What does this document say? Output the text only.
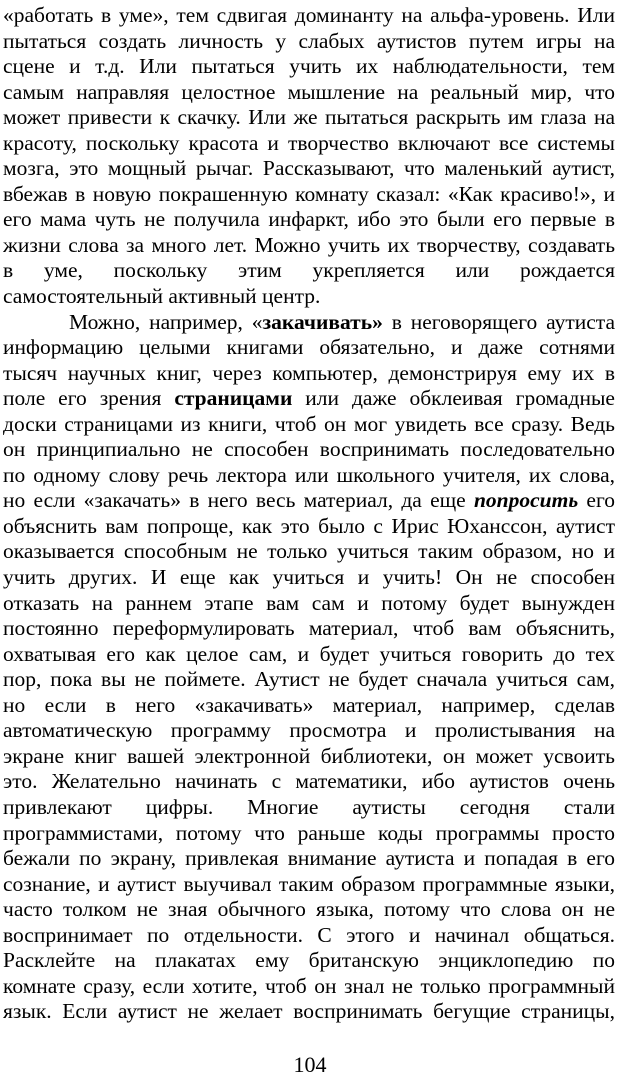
«работать в уме», тем сдвигая доминанту на альфа-уровень. Или
пытаться создать личность у слабых аутистов путем игры на
сцене и т.д. Или пытаться учить их наблюдательности, тем
самым направляя целостное мышление на реальный мир, что
может привести к скачку. Или же пытаться раскрыть им глаза на
красоту, поскольку красота и творчество включают все системы
мозга, это мощный рычаг. Рассказывают, что маленький аутист,
вбежав в новую покрашенную комнату сказал: «Как красиво!», и
его мама чуть не получила инфаркт, ибо это были его первые в
жизни слова за много лет. Можно учить их творчеству, создавать
в уме, поскольку этим укрепляется или рождается
самостоятельный активный центр.
Можно, например, «закачивать» в неговорящего аутиста
информацию целыми книгами обязательно, и даже сотнями
тысяч научных книг, через компьютер, демонстрируя ему их в
поле его зрения страницами или даже обклеивая громадные
доски страницами из книги, чтоб он мог увидеть все сразу. Ведь
он принципиально не способен воспринимать последовательно
по одному слову речь лектора или школьного учителя, их слова,
но если «закачать» в него весь материал, да еще попросить его
объяснить вам попроще, как это было с Ирис Юханссон, аутист
оказывается способным не только учиться таким образом, но и
учить других. И еще как учиться и учить! Он не способен
отказать на раннем этапе вам сам и потому будет вынужден
постоянно переформулировать материал, чтоб вам объяснить,
охватывая его как целое сам, и будет учиться говорить до тех
пор, пока вы не поймете. Аутист не будет сначала учиться сам,
но если в него «закачивать» материал, например, сделав
автоматическую программу просмотра и пролистывания на
экране книг вашей электронной библиотеки, он может усвоить
это. Желательно начинать с математики, ибо аутистов очень
привлекают цифры. Многие аутисты сегодня стали
программистами, потому что раньше коды программы просто
бежали по экрану, привлекая внимание аутиста и попадая в его
сознание, и аутист выучивал таким образом программные языки,
часто толком не зная обычного языка, потому что слова он не
воспринимает по отдельности. С этого и начинал общаться.
Расклейте на плакатах ему британскую энциклопедию по
комнате сразу, если хотите, чтоб он знал не только программный
язык. Если аутист не желает воспринимать бегущие страницы,
104
